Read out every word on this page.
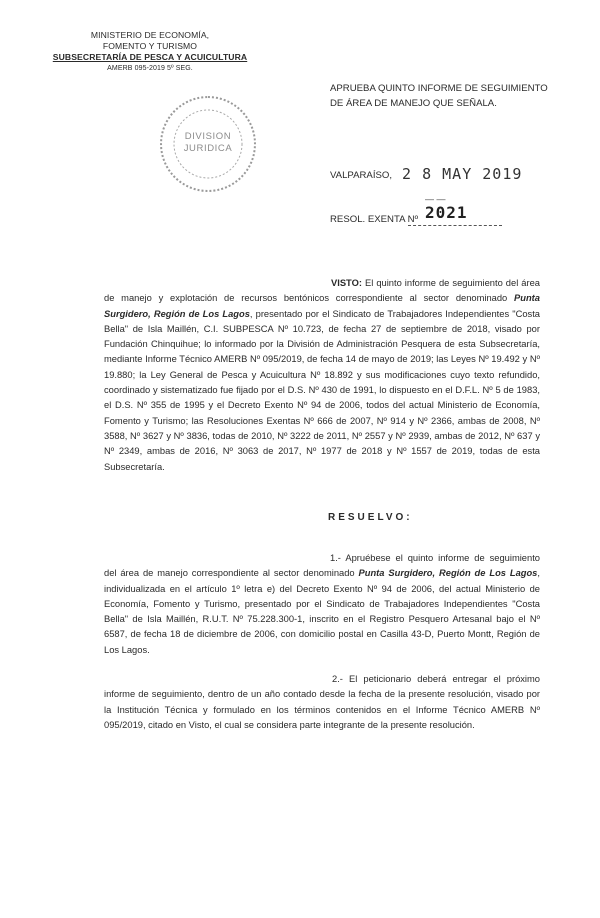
MINISTERIO DE ECONOMÍA,
FOMENTO Y TURISMO
SUBSECRETARÍA DE PESCA Y ACUICULTURA
AMERB 095-2019 5º SEG.
DIVISION
JURIDICA
APRUEBA QUINTO INFORME DE SEGUIMIENTO DE ÁREA DE MANEJO QUE SEÑALA.
VALPARAÍSO, 2 8 MAY 2019
RESOL. EXENTA Nº
— —
2021
VISTO: El quinto informe de seguimiento del área de manejo y explotación de recursos bentónicos correspondiente al sector denominado Punta Surgidero, Región de Los Lagos, presentado por el Sindicato de Trabajadores Independientes "Costa Bella" de Isla Maillén, C.I. SUBPESCA Nº 10.723, de fecha 27 de septiembre de 2018, visado por Fundación Chinquihue; lo informado por la División de Administración Pesquera de esta Subsecretaría, mediante Informe Técnico AMERB Nº 095/2019, de fecha 14 de mayo de 2019; las Leyes Nº 19.492 y Nº 19.880; la Ley General de Pesca y Acuicultura Nº 18.892 y sus modificaciones cuyo texto refundido, coordinado y sistematizado fue fijado por el D.S. Nº 430 de 1991, lo dispuesto en el D.F.L. Nº 5 de 1983, el D.S. Nº 355 de 1995 y el Decreto Exento Nº 94 de 2006, todos del actual Ministerio de Economía, Fomento y Turismo; las Resoluciones Exentas Nº 666 de 2007, Nº 914 y Nº 2366, ambas de 2008, Nº 3588, Nº 3627 y Nº 3836, todas de 2010, Nº 3222 de 2011, Nº 2557 y Nº 2939, ambas de 2012, Nº 637 y Nº 2349, ambas de 2016, Nº 3063 de 2017, Nº 1977 de 2018 y Nº 1557 de 2019, todas de esta Subsecretaría.
RESUELVO:
1.- Apruébese el quinto informe de seguimiento del área de manejo correspondiente al sector denominado Punta Surgidero, Región de Los Lagos, individualizada en el artículo 1º letra e) del Decreto Exento Nº 94 de 2006, del actual Ministerio de Economía, Fomento y Turismo, presentado por el Sindicato de Trabajadores Independientes "Costa Bella" de Isla Maillén, R.U.T. Nº 75.228.300-1, inscrito en el Registro Pesquero Artesanal bajo el Nº 6587, de fecha 18 de diciembre de 2006, con domicilio postal en Casilla 43-D, Puerto Montt, Región de Los Lagos.
2.- El peticionario deberá entregar el próximo informe de seguimiento, dentro de un año contado desde la fecha de la presente resolución, visado por la Institución Técnica y formulado en los términos contenidos en el Informe Técnico AMERB Nº 095/2019, citado en Visto, el cual se considera parte integrante de la presente resolución.
